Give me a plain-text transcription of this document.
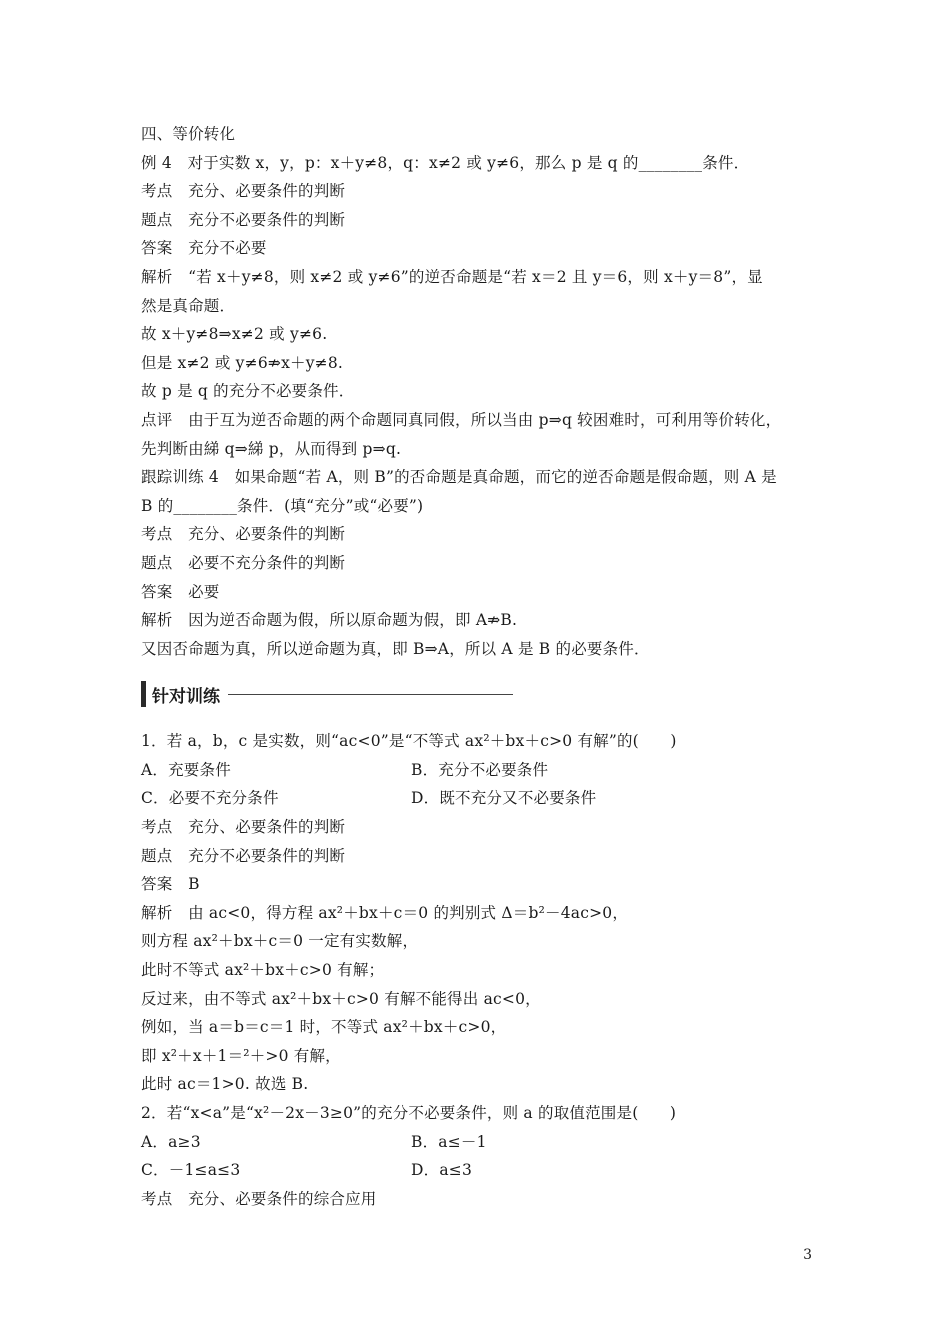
四、等价转化
例 4　对于实数 x，y，p：x＋y≠8，q：x≠2 或 y≠6，那么 p 是 q 的________条件．
考点　充分、必要条件的判断
题点　充分不必要条件的判断
答案　充分不必要
解析　“若 x＋y≠8，则 x≠2 或 y≠6”的逆否命题是“若 x＝2 且 y＝6，则 x＋y＝8”，显
然是真命题．
故 x＋y≠8⇒x≠2 或 y≠6.
但是 x≠2 或 y≠6⇏x＋y≠8.
故 p 是 q 的充分不必要条件．
点评　由于互为逆否命题的两个命题同真同假，所以当由 p⇒q 较困难时，可利用等价转化，
先判断由綈 q⇒綈 p，从而得到 p⇒q.
跟踪训练 4　如果命题“若 A，则 B”的否命题是真命题，而它的逆否命题是假命题，则 A 是
B 的________条件．(填“充分”或“必要”)
考点　充分、必要条件的判断
题点　必要不充分条件的判断
答案　必要
解析　因为逆否命题为假，所以原命题为假，即 A⇏B.
又因否命题为真，所以逆命题为真，即 B⇒A，所以 A 是 B 的必要条件．
针对训练
1．若 a，b，c 是实数，则“ac<0”是“不等式 ax²＋bx＋c>0 有解”的(　　)
A．充要条件	B．充分不必要条件
C．必要不充分条件	D．既不充分又不必要条件
考点　充分、必要条件的判断
题点　充分不必要条件的判断
答案　B
解析　由 ac<0，得方程 ax²＋bx＋c＝0 的判别式 Δ＝b²－4ac>0，
则方程 ax²＋bx＋c＝0 一定有实数解，
此时不等式 ax²＋bx＋c>0 有解；
反过来，由不等式 ax²＋bx＋c>0 有解不能得出 ac<0，
例如，当 a＝b＝c＝1 时，不等式 ax²＋bx＋c>0，
即 x²＋x＋1＝²＋>0 有解，
此时 ac＝1>0. 故选 B.
2．若“x<a”是“x²－2x－3≥0”的充分不必要条件，则 a 的取值范围是(　　)
A．a≥3	B．a≤－1
C．－1≤a≤3	D．a≤3
考点　充分、必要条件的综合应用
3
